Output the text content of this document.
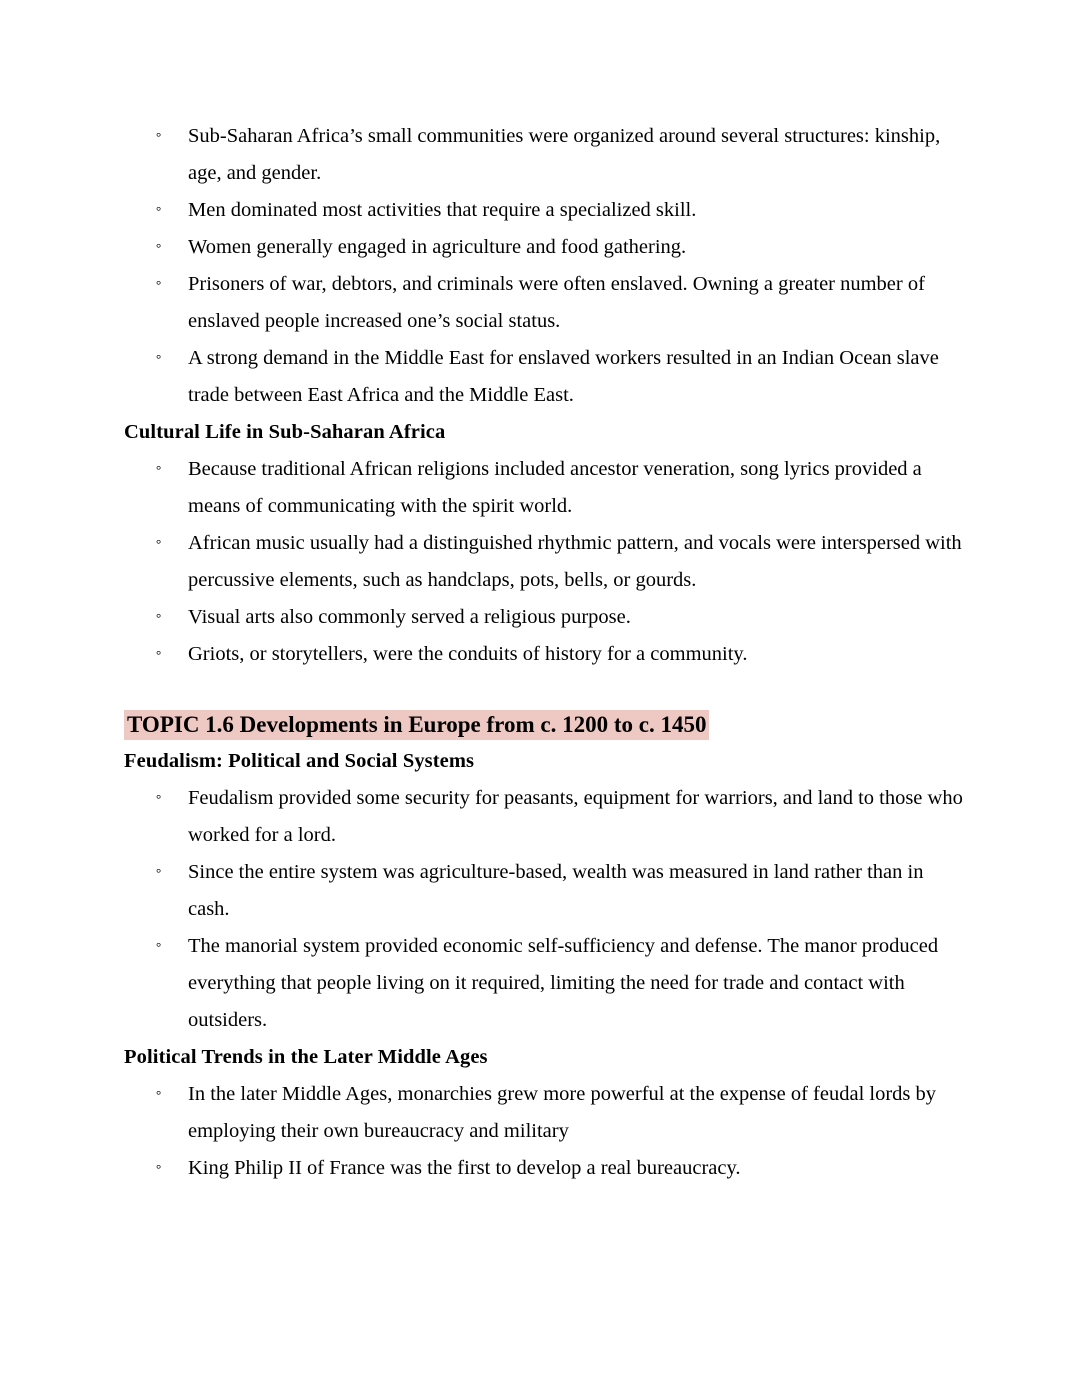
° Sub-Saharan Africa’s small communities were organized around several structures: kinship, age, and gender.
° Men dominated most activities that require a specialized skill.
° Women generally engaged in agriculture and food gathering.
° Prisoners of war, debtors, and criminals were often enslaved. Owning a greater number of enslaved people increased one’s social status.
° A strong demand in the Middle East for enslaved workers resulted in an Indian Ocean slave trade between East Africa and the Middle East.
Cultural Life in Sub-Saharan Africa
° Because traditional African religions included ancestor veneration, song lyrics provided a means of communicating with the spirit world.
° African music usually had a distinguished rhythmic pattern, and vocals were interspersed with percussive elements, such as handclaps, pots, bells, or gourds.
° Visual arts also commonly served a religious purpose.
° Griots, or storytellers, were the conduits of history for a community.
TOPIC 1.6 Developments in Europe from c. 1200 to c. 1450
Feudalism: Political and Social Systems
° Feudalism provided some security for peasants, equipment for warriors, and land to those who worked for a lord.
° Since the entire system was agriculture-based, wealth was measured in land rather than in cash.
° The manorial system provided economic self-sufficiency and defense. The manor produced everything that people living on it required, limiting the need for trade and contact with outsiders.
Political Trends in the Later Middle Ages
° In the later Middle Ages, monarchies grew more powerful at the expense of feudal lords by employing their own bureaucracy and military
° King Philip II of France was the first to develop a real bureaucracy.
